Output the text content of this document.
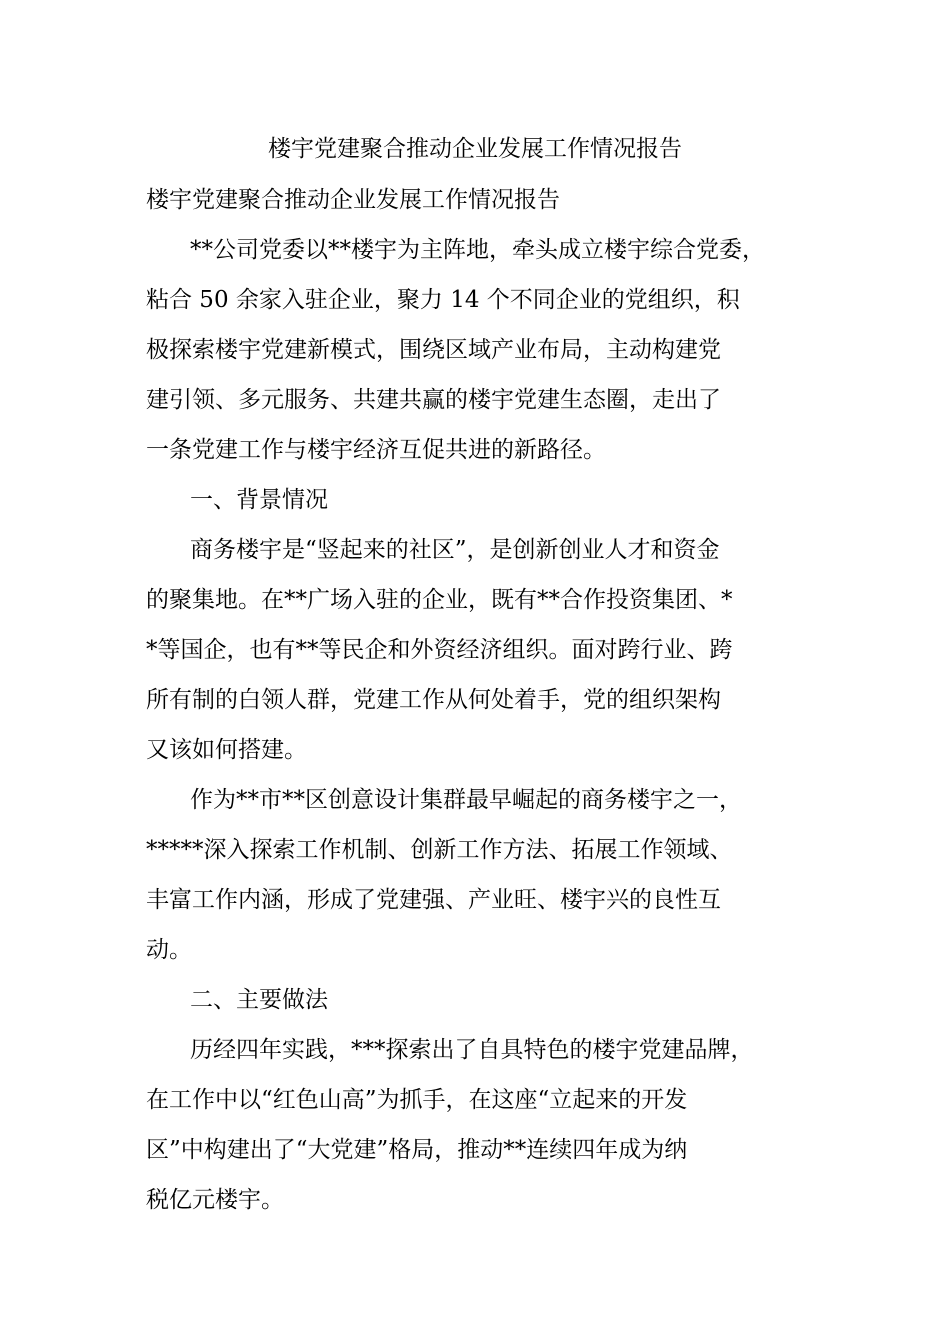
楼宇党建聚合推动企业发展工作情况报告
楼宇党建聚合推动企业发展工作情况报告
**公司党委以**楼宇为主阵地，牵头成立楼宇综合党委，
粘合 50 余家入驻企业，聚力 14 个不同企业的党组织，积
极探索楼宇党建新模式，围绕区域产业布局，主动构建党
建引领、多元服务、共建共赢的楼宇党建生态圈，走出了
一条党建工作与楼宇经济互促共进的新路径。
一、背景情况
商务楼宇是“竖起来的社区”，是创新创业人才和资金
的聚集地。在**广场入驻的企业，既有**合作投资集团、*
*等国企，也有**等民企和外资经济组织。面对跨行业、跨
所有制的白领人群，党建工作从何处着手，党的组织架构
又该如何搭建。
作为**市**区创意设计集群最早崛起的商务楼宇之一，
*****深入探索工作机制、创新工作方法、拓展工作领域、
丰富工作内涵，形成了党建强、产业旺、楼宇兴的良性互
动。
二、主要做法
历经四年实践，***探索出了自具特色的楼宇党建品牌，
在工作中以“红色山高”为抓手，在这座“立起来的开发
区”中构建出了“大党建”格局，推动**连续四年成为纳
税亿元楼宇。
